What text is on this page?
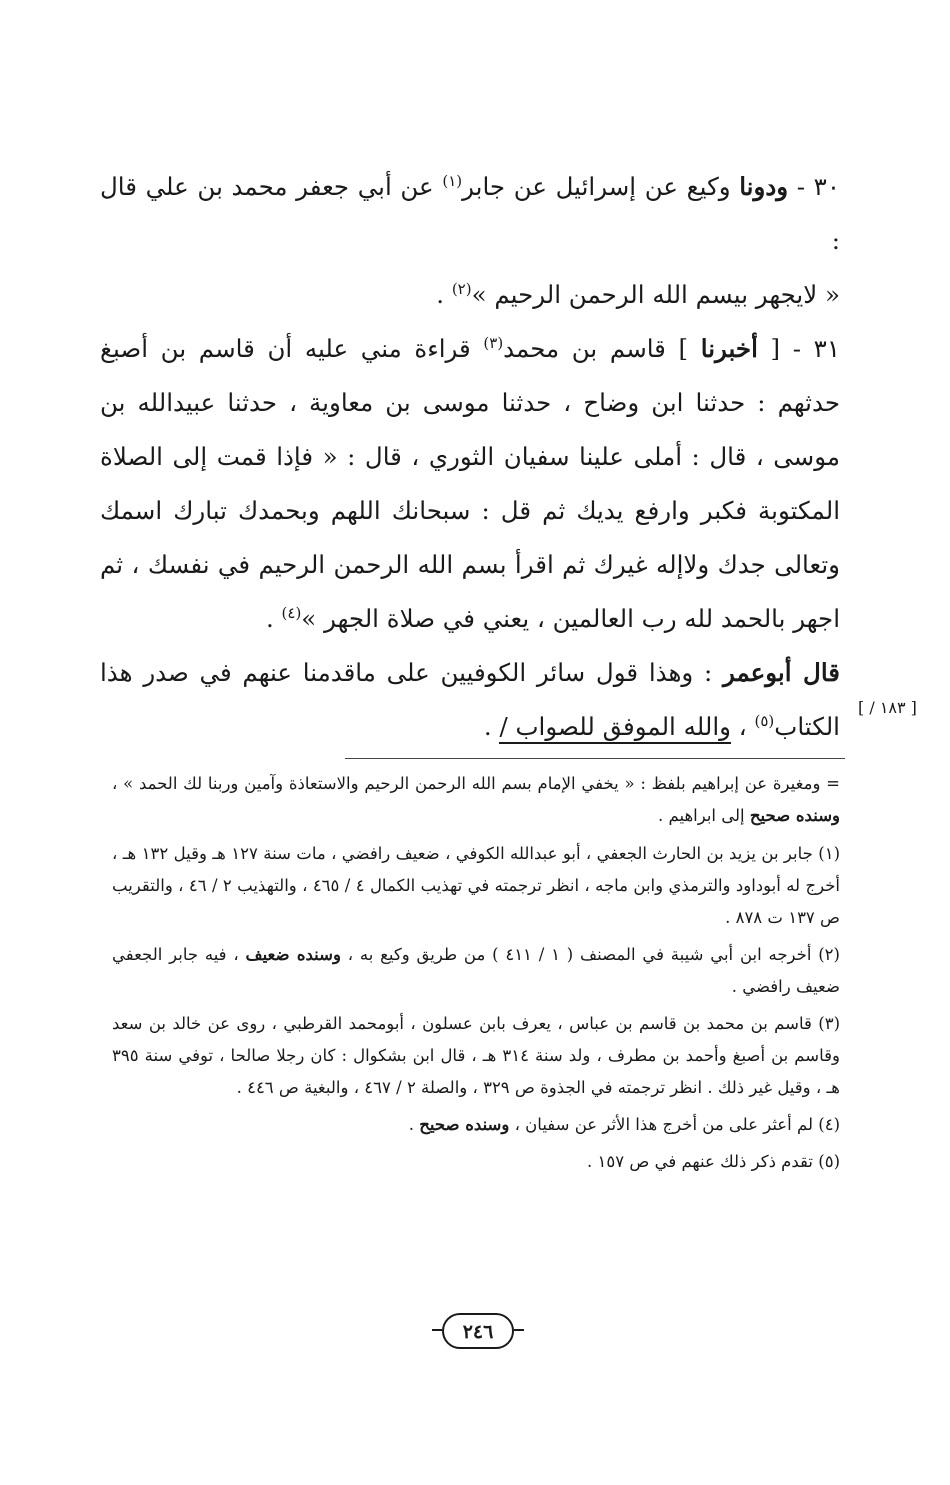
٣٠ - ودونا وكيع عن إسرائيل عن جابر$^{(١)}$ عن أبي جعفر محمد بن علي قال :

« لايجهر بيسم الله الرحمن الرحيم »$^{(٢)}$ .

٣١ - [ أخبرنا ] قاسم بن محمد$^{(٣)}$ قراءة مني عليه أن قاسم بن أصبغ حدثهم : حدثنا ابن وضاح ، حدثنا موسى بن معاوية ، حدثنا عبيدالله بن موسى ، قال : أملى علينا سفيان الثوري ، قال : « فإذا قمت إلى الصلاة المكتوبة فكبر وارفع يديك ثم قل : سبحانك اللهم وبحمدك تبارك اسمك وتعالى جدك ولاإله غيرك ثم اقرأ بسم الله الرحمن الرحيم في نفسك ، ثم اجهر بالحمد لله رب العالمين ، يعني في صلاة الجهر »$^{(٤)}$ .

قال أبوعمر : وهذا قول سائر الكوفيين على ماقدمنا عنهم في صدر هذا الكتاب$^{(٥)}$ ، والله الموفق للصواب / .

[ ١٨٣ / ]

= ومغيرة عن إبراهيم بلفظ : « يخفي الإمام بسم الله الرحمن الرحيم والاستعاذة وآمين وربنا لك الحمد » ، وسنده صحيح إلى ابراهيم .

(١) جابر بن يزيد بن الحارث الجعفي ، أبو عبدالله الكوفي ، ضعيف رافضي ، مات سنة ١٢٧ هـ وقيل ١٣٢ هـ ، أخرج له أبوداود والترمذي وابن ماجه ، انظر ترجمته في تهذيب الكمال ٤ / ٤٦٥ ، والتهذيب ٢ / ٤٦ ، والتقريب ص ١٣٧ ت ٨٧٨ .

(٢) أخرجه ابن أبي شيبة في المصنف ( ١ / ٤١١ ) من طريق وكيع به ، وسنده ضعيف ، فيه جابر الجعفي ضعيف رافضي .

(٣) قاسم بن محمد بن قاسم بن عباس ، يعرف بابن عسلون ، أبومحمد القرطبي ، روى عن خالد بن سعد وقاسم بن أصبغ وأحمد بن مطرف ، ولد سنة ٣١٤ هـ ، قال ابن بشكوال : كان رجلا صالحا ، توفي سنة ٣٩٥ هـ ، وقيل غير ذلك . انظر ترجمته في الجذوة ص ٣٢٩ ، والصلة ٢ / ٤٦٧ ، والبغية ص ٤٤٦ .

(٤) لم أعثر على من أخرج هذا الأثر عن سفيان ، وسنده صحيح .

(٥) تقدم ذكر ذلك عنهم في ص ١٥٧ .

٢٤٦
